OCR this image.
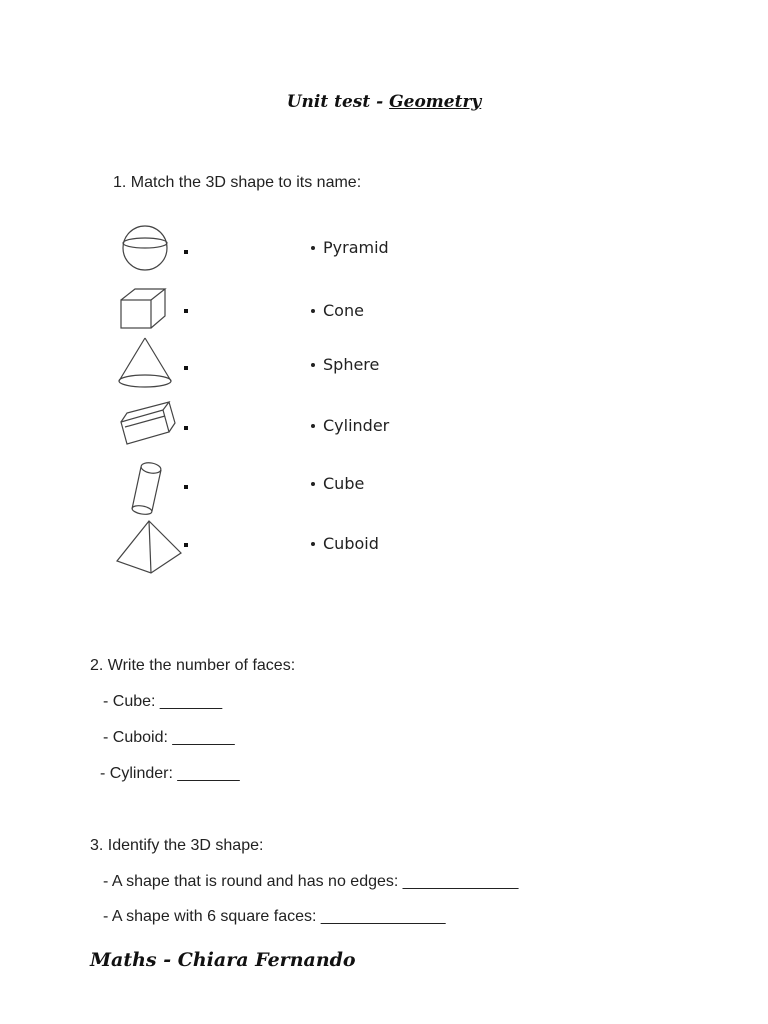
Unit test - Geometry
1. Match the 3D shape to its name:
Pyramid
Cone
Sphere
Cylinder
Cube
Cuboid
2. Write the number of faces:
- Cube: _______
- Cuboid: _______
- Cylinder: _______
3. Identify the 3D shape:
- A shape that is round and has no edges: _____________
- A shape with 6 square faces: ______________
Maths - Chiara Fernando
